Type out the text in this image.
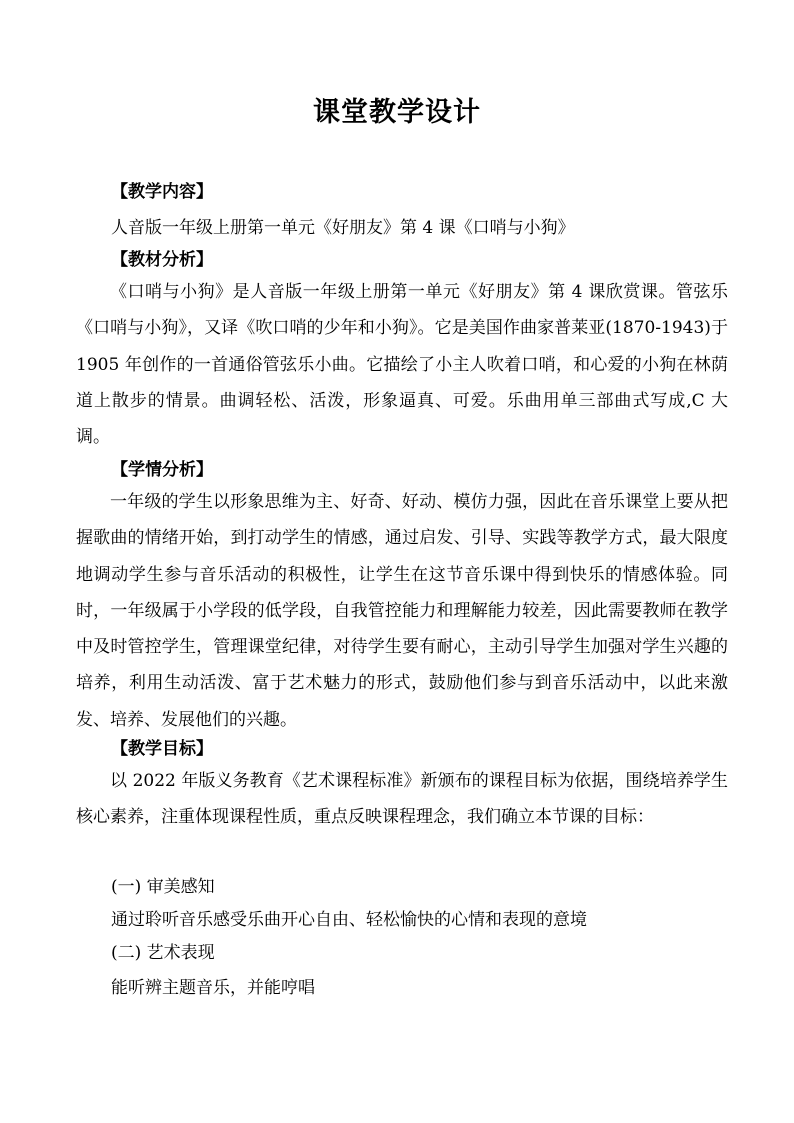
课堂教学设计
【教学内容】
人音版一年级上册第一单元《好朋友》第 4 课《口哨与小狗》
【教材分析】
《口哨与小狗》是人音版一年级上册第一单元《好朋友》第 4 课欣赏课。管弦乐《口哨与小狗》，又译《吹口哨的少年和小狗》。它是美国作曲家普莱亚(1870-1943)于 1905 年创作的一首通俗管弦乐小曲。它描绘了小主人吹着口哨，和心爱的小狗在林荫道上散步的情景。曲调轻松、活泼，形象逼真、可爱。乐曲用单三部曲式写成,C 大调。
【学情分析】
一年级的学生以形象思维为主、好奇、好动、模仿力强，因此在音乐课堂上要从把握歌曲的情绪开始，到打动学生的情感，通过启发、引导、实践等教学方式，最大限度地调动学生参与音乐活动的积极性，让学生在这节音乐课中得到快乐的情感体验。同时，一年级属于小学段的低学段，自我管控能力和理解能力较差，因此需要教师在教学中及时管控学生，管理课堂纪律，对待学生要有耐心，主动引导学生加强对学生兴趣的培养，利用生动活泼、富于艺术魅力的形式，鼓励他们参与到音乐活动中，以此来激发、培养、发展他们的兴趣。
【教学目标】
以 2022 年版义务教育《艺术课程标准》新颁布的课程目标为依据，围绕培养学生核心素养，注重体现课程性质，重点反映课程理念，我们确立本节课的目标：
(一) 审美感知
通过聆听音乐感受乐曲开心自由、轻松愉快的心情和表现的意境
(二) 艺术表现
能听辨主题音乐，并能哼唱
